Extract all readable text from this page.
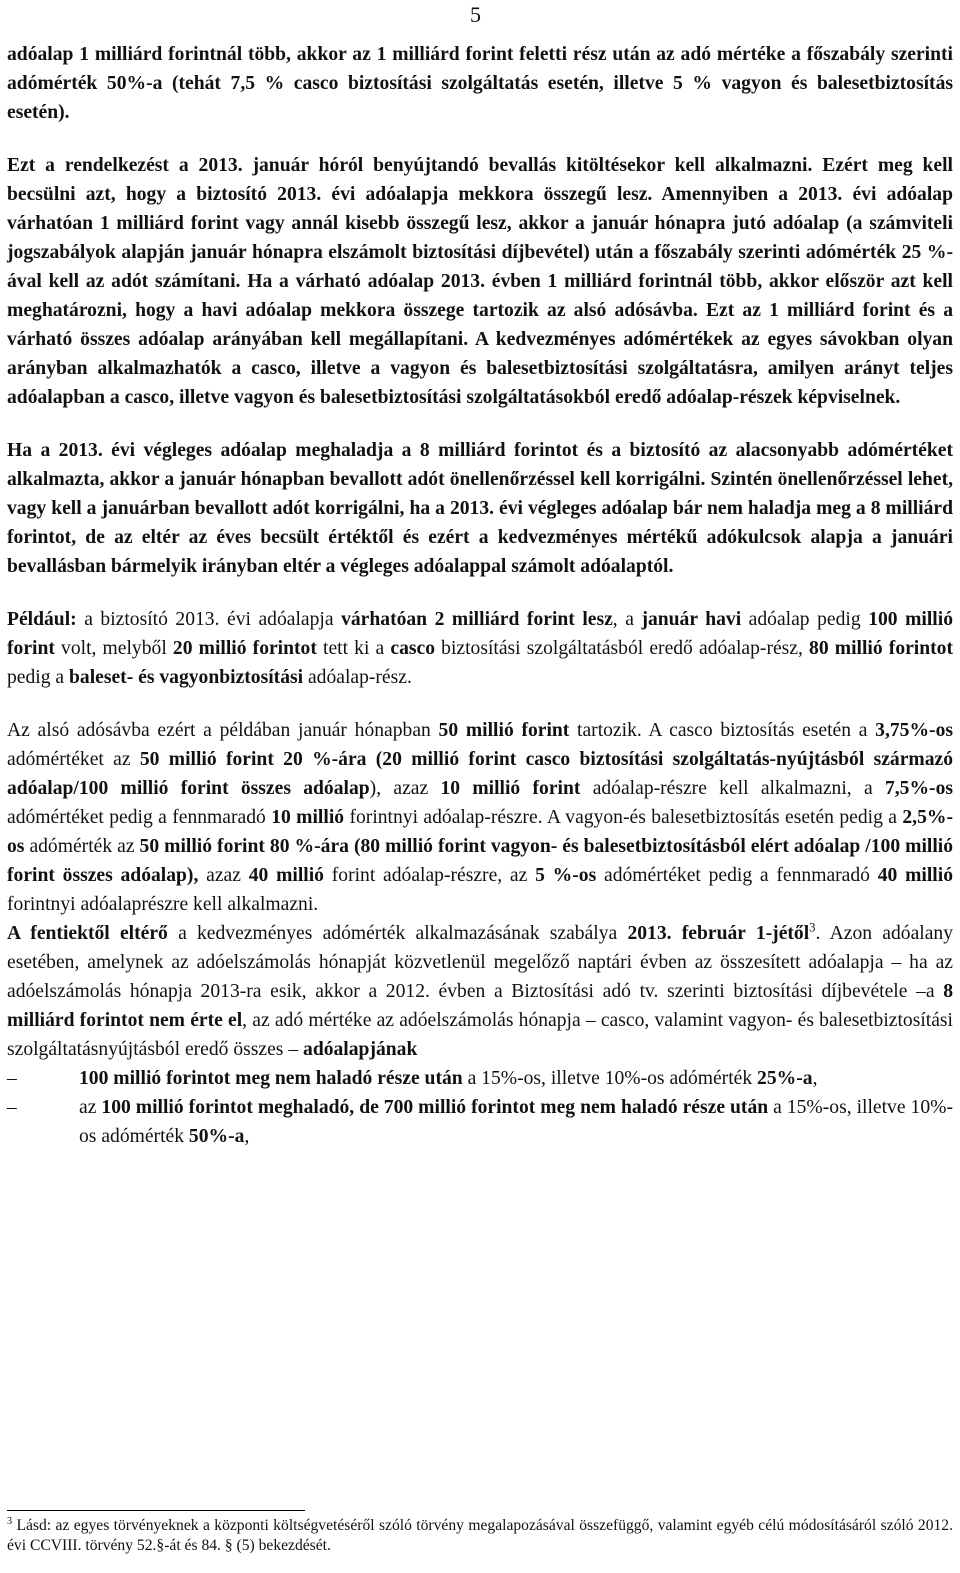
5

adóalap 1 milliárd forintnál több, akkor az 1 milliárd forint feletti rész után az adó mértéke a főszabály szerinti adómérték 50%-a (tehát 7,5 % casco biztosítási szolgáltatás esetén, illetve 5 % vagyon és balesetbiztosítás esetén).

Ezt a rendelkezést a 2013. január hóról benyújtandó bevallás kitöltésekor kell alkalmazni. Ezért meg kell becsülni azt, hogy a biztosító 2013. évi adóalapja mekkora összegű lesz. Amennyiben a 2013. évi adóalap várhatóan 1 milliárd forint vagy annál kisebb összegű lesz, akkor a január hónapra jutó adóalap (a számviteli jogszabályok alapján január hónapra elszámolt biztosítási díjbevétel) után a főszabály szerinti adómérték 25 %-ával kell az adót számítani. Ha a várható adóalap 2013. évben 1 milliárd forintnál több, akkor először azt kell meghatározni, hogy a havi adóalap mekkora összege tartozik az alsó adósávba. Ezt az 1 milliárd forint és a várható összes adóalap arányában kell megállapítani. A kedvezményes adómértékek az egyes sávokban olyan arányban alkalmazhatók a casco, illetve a vagyon és balesetbiztosítási szolgáltatásra, amilyen arányt teljes adóalapban a casco, illetve vagyon és balesetbiztosítási szolgáltatásokból eredő adóalap-részek képviselnek.

Ha a 2013. évi végleges adóalap meghaladja a 8 milliárd forintot és a biztosító az alacsonyabb adómértéket alkalmazta, akkor a január hónapban bevallott adót önellenőrzéssel kell korrigálni. Szintén önellenőrzéssel lehet, vagy kell a januárban bevallott adót korrigálni, ha a 2013. évi végleges adóalap bár nem haladja meg a 8 milliárd forintot, de az eltér az éves becsült értéktől és ezért a kedvezményes mértékű adókulcsok alapja a januári bevallásban bármelyik irányban eltér a végleges adóalappal számolt adóalaptól.

Például: a biztosító 2013. évi adóalapja várhatóan 2 milliárd forint lesz, a január havi adóalap pedig 100 millió forint volt, melyből 20 millió forintot tett ki a casco biztosítási szolgáltatásból eredő adóalap-rész, 80 millió forintot pedig a baleset- és vagyonbiztosítási adóalap-rész.

Az alsó adósávba ezért a példában január hónapban 50 millió forint tartozik. A casco biztosítás esetén a 3,75%-os adómértéket az 50 millió forint 20 %-ára (20 millió forint casco biztosítási szolgáltatás-nyújtásból származó adóalap/100 millió forint összes adóalap), azaz 10 millió forint adóalap-részre kell alkalmazni, a 7,5%-os adómértéket pedig a fennmaradó 10 millió forintnyi adóalap-részre. A vagyon-és balesetbiztosítás esetén pedig a 2,5%-os adómérték az 50 millió forint 80 %-ára (80 millió forint vagyon- és balesetbiztosításból elért adóalap /100 millió forint összes adóalap), azaz 40 millió forint adóalap-részre, az 5 %-os adómértéket pedig a fennmaradó 40 millió forintnyi adóalaprészre kell alkalmazni.

A fentiektől eltérő a kedvezményes adómérték alkalmazásának szabálya 2013. február 1-jétől$^3$. Azon adóalany esetében, amelynek az adóelszámolás hónapját közvetlenül megelőző naptári évben az összesített adóalapja – ha az adóelszámolás hónapja 2013-ra esik, akkor a 2012. évben a Biztosítási adó tv. szerinti biztosítási díjbevétele –a 8 milliárd forintot nem érte el, az adó mértéke az adóelszámolás hónapja – casco, valamint vagyon- és balesetbiztosítási szolgáltatásnyújtásból eredő összes – adóalapjának
–	100 millió forintot meg nem haladó része után a 15%-os, illetve 10%-os adómérték 25%-a,
–	az 100 millió forintot meghaladó, de 700 millió forintot meg nem haladó része után a 15%-os, illetve 10%-os adómérték 50%-a,
$^3$ Lásd: az egyes törvényeknek a központi költségvetéséről szóló törvény megalapozásával összefüggő, valamint egyéb célú módosításáról szóló 2012. évi CCVIII. törvény 52.§-át és 84. § (5) bekezdését.
